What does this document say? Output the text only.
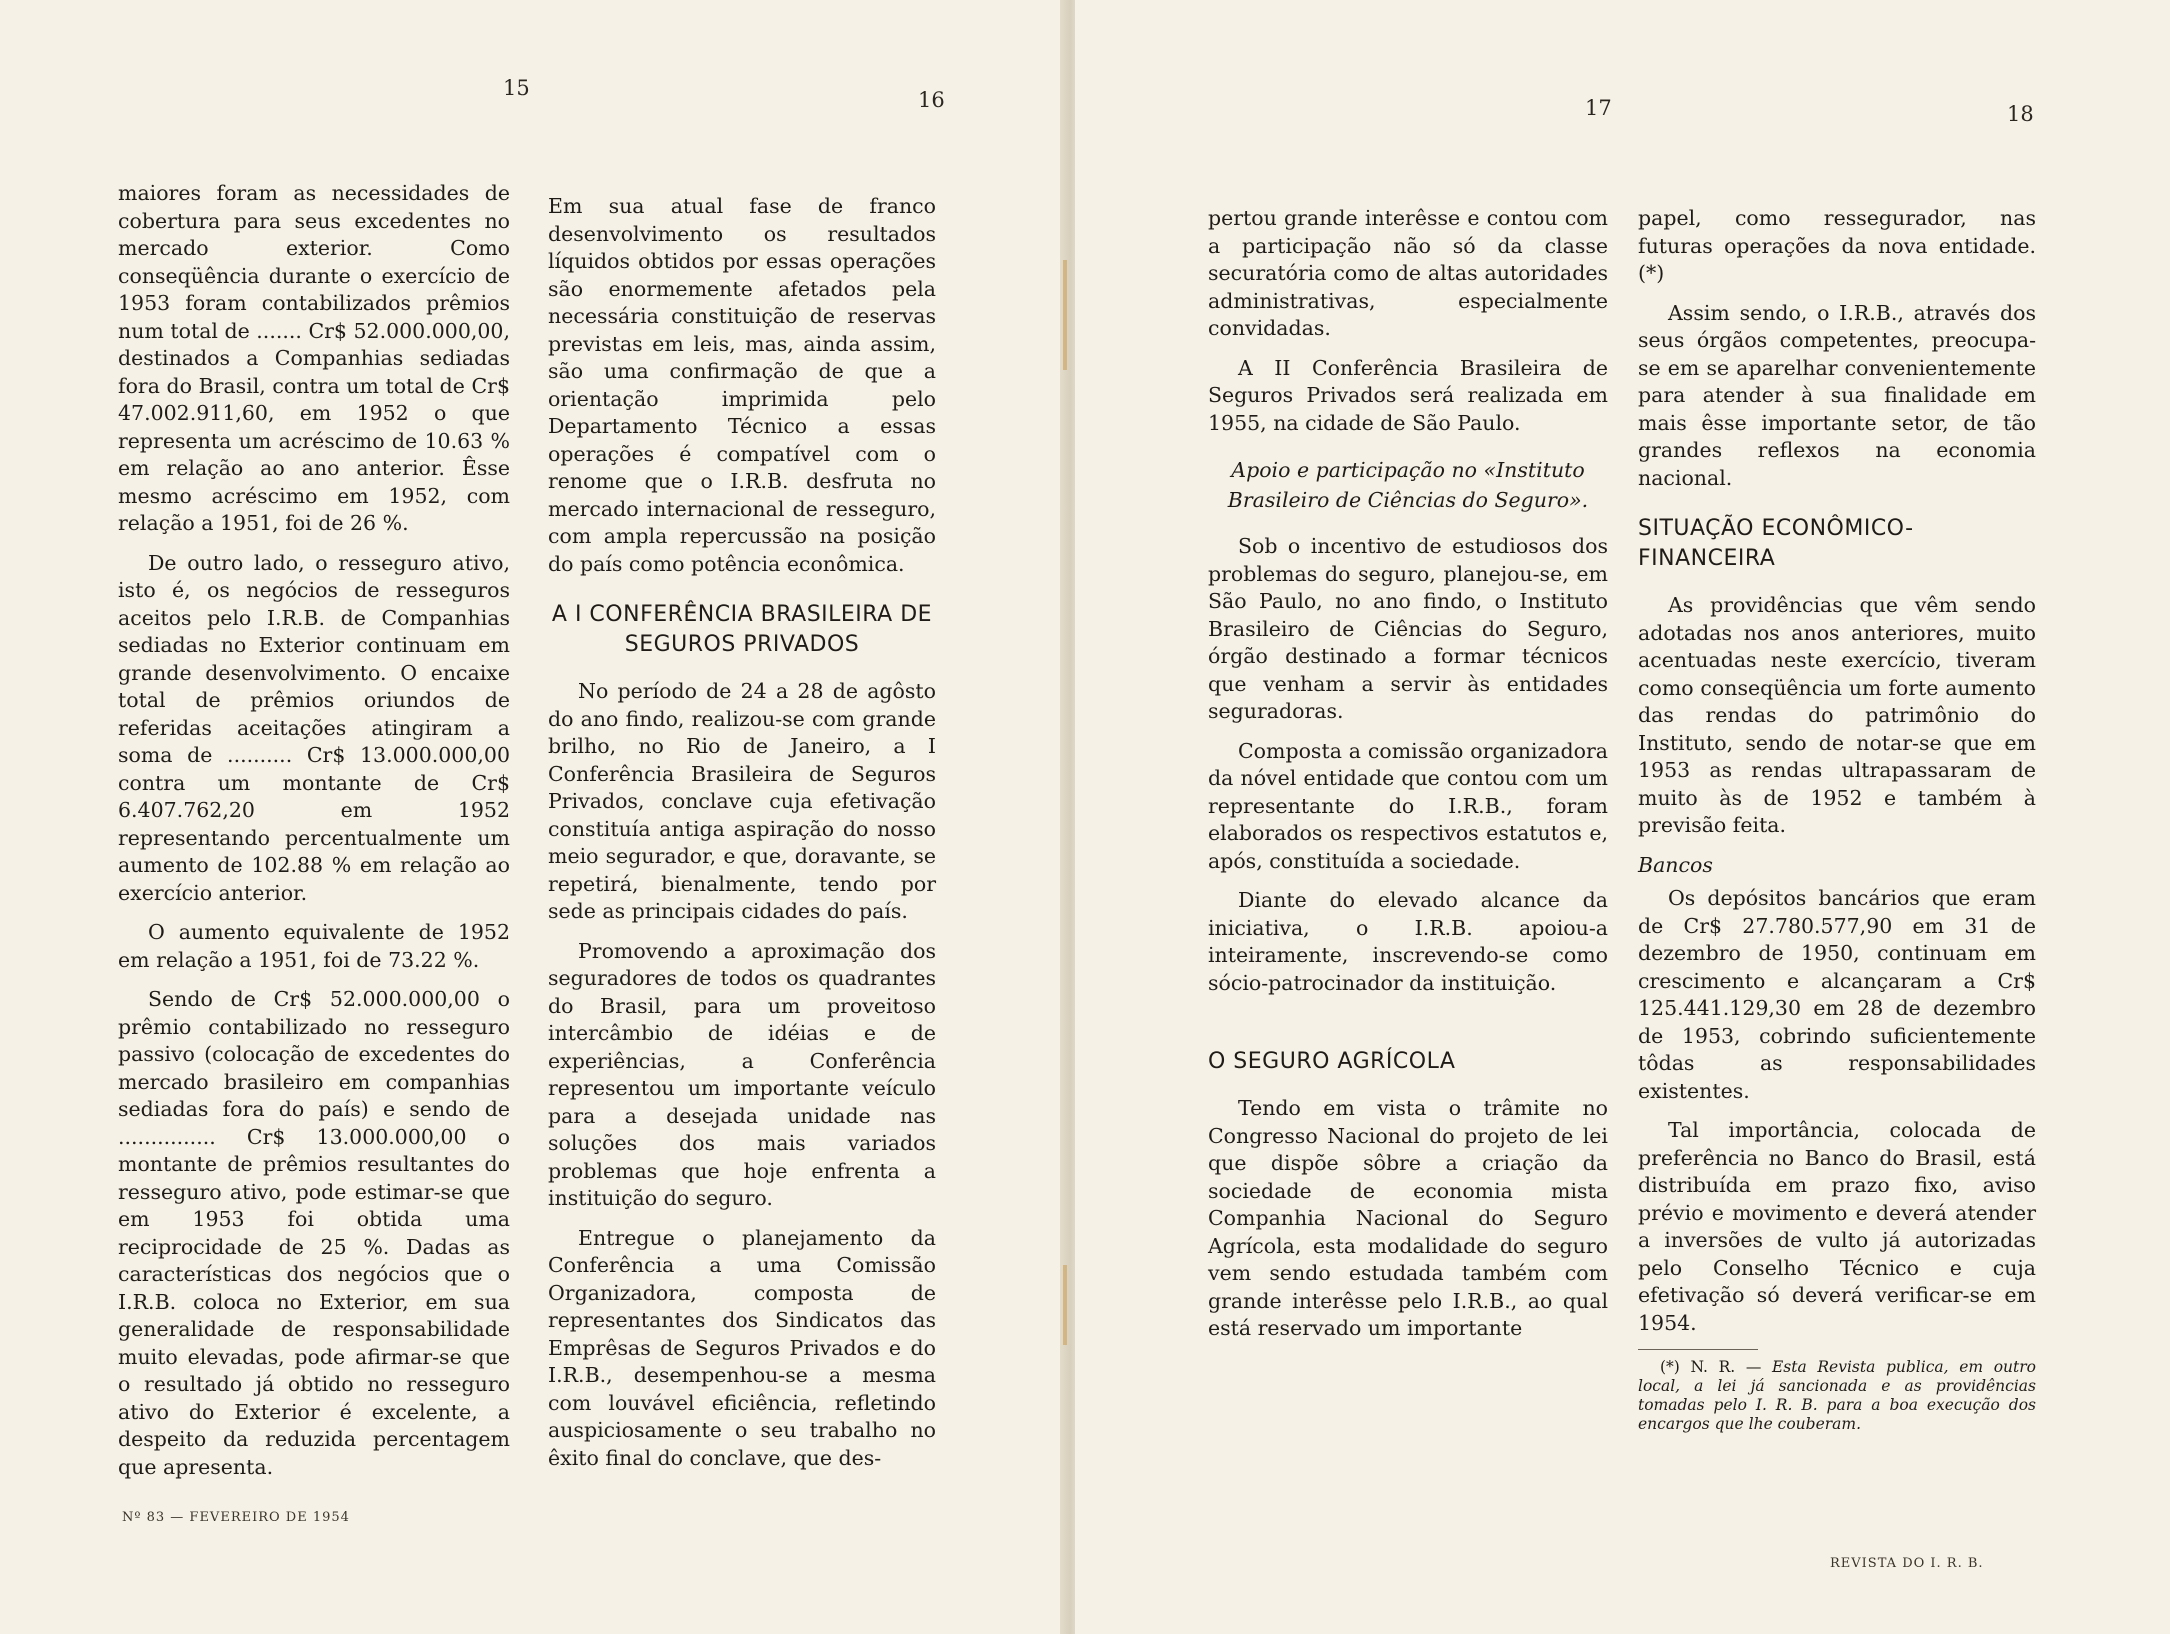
15	16

maiores foram as necessidades de cobertura para seus excedentes no mercado exterior. Como conseqüência durante o exercício de 1953 foram contabilizados prêmios num total de ....... Cr$ 52.000.000,00, destinados a Companhias sediadas fora do Brasil, contra um total de Cr$ 47.002.911,60, em 1952 o que representa um acréscimo de 10.63 % em relação ao ano anterior. Êsse mesmo acréscimo em 1952, com relação a 1951, foi de 26 %.

De outro lado, o resseguro ativo, isto é, os negócios de resseguros aceitos pelo I.R.B. de Companhias sediadas no Exterior continuam em grande desenvolvimento. O encaixe total de prêmios oriundos de referidas aceitações atingiram a soma de .......... Cr$ 13.000.000,00 contra um montante de Cr$ 6.407.762,20 em 1952 representando percentualmente um aumento de 102.88 % em relação ao exercício anterior.

O aumento equivalente de 1952 em relação a 1951, foi de 73.22 %.

Sendo de Cr$ 52.000.000,00 o prêmio contabilizado no resseguro passivo (colocação de excedentes do mercado brasileiro em companhias sediadas fora do país) e sendo de ............... Cr$ 13.000.000,00 o montante de prêmios resultantes do resseguro ativo, pode estimar-se que em 1953 foi obtida uma reciprocidade de 25 %. Dadas as características dos negócios que o I.R.B. coloca no Exterior, em sua generalidade de responsabilidade muito elevadas, pode afirmar-se que o resultado já obtido no resseguro ativo do Exterior é excelente, a despeito da reduzida percentagem que apresenta.

Em sua atual fase de franco desenvolvimento os resultados líquidos obtidos por essas operações são enormemente afetados pela necessária constituição de reservas previstas em leis, mas, ainda assim, são uma confirmação de que a orientação imprimida pelo Departamento Técnico a essas operações é compatível com o renome que o I.R.B. desfruta no mercado internacional de resseguro, com ampla repercussão na posição do país como potência econômica.

A I CONFERÊNCIA BRASILEIRA DE SEGUROS PRIVADOS

No período de 24 a 28 de agôsto do ano findo, realizou-se com grande brilho, no Rio de Janeiro, a I Conferência Brasileira de Seguros Privados, conclave cuja efetivação constituía antiga aspiração do nosso meio segurador, e que, doravante, se repetirá, bienalmente, tendo por sede as principais cidades do país.

Promovendo a aproximação dos seguradores de todos os quadrantes do Brasil, para um proveitoso intercâmbio de idéias e de experiências, a Conferência representou um importante veículo para a desejada unidade nas soluções dos mais variados problemas que hoje enfrenta a instituição do seguro.

Entregue o planejamento da Conferência a uma Comissão Organizadora, composta de representantes dos Sindicatos das Emprêsas de Seguros Privados e do I.R.B., desempenhou-se a mesma com louvável eficiência, refletindo auspiciosamente o seu trabalho no êxito final do conclave, que des-

Nº 83 — FEVEREIRO DE 1954
17	18

pertou grande interêsse e contou com a participação não só da classe securatória como de altas autoridades administrativas, especialmente convidadas.

A II Conferência Brasileira de Seguros Privados será realizada em 1955, na cidade de São Paulo.

Apoio e participação no «Instituto Brasileiro de Ciências do Seguro».

Sob o incentivo de estudiosos dos problemas do seguro, planejou-se, em São Paulo, no ano findo, o Instituto Brasileiro de Ciências do Seguro, órgão destinado a formar técnicos que venham a servir às entidades seguradoras.

Composta a comissão organizadora da nóvel entidade que contou com um representante do I.R.B., foram elaborados os respectivos estatutos e, após, constituída a sociedade.

Diante do elevado alcance da iniciativa, o I.R.B. apoiou-a inteiramente, inscrevendo-se como sócio-patrocinador da instituição.

O SEGURO AGRÍCOLA

Tendo em vista o trâmite no Congresso Nacional do projeto de lei que dispõe sôbre a criação da sociedade de economia mista Companhia Nacional do Seguro Agrícola, esta modalidade do seguro vem sendo estudada também com grande interêsse pelo I.R.B., ao qual está reservado um importante

papel, como ressegurador, nas futuras operações da nova entidade. (*)

Assim sendo, o I.R.B., através dos seus órgãos competentes, preocupa-se em se aparelhar convenientemente para atender à sua finalidade em mais êsse importante setor, de tão grandes reflexos na economia nacional.

SITUAÇÃO ECONÔMICO-FINANCEIRA

As providências que vêm sendo adotadas nos anos anteriores, muito acentuadas neste exercício, tiveram como conseqüência um forte aumento das rendas do patrimônio do Instituto, sendo de notar-se que em 1953 as rendas ultrapassaram de muito às de 1952 e também à previsão feita.

Bancos

Os depósitos bancários que eram de Cr$ 27.780.577,90 em 31 de dezembro de 1950, continuam em crescimento e alcançaram a Cr$ 125.441.129,30 em 28 de dezembro de 1953, cobrindo suficientemente tôdas as responsabilidades existentes.

Tal importância, colocada de preferência no Banco do Brasil, está distribuída em prazo fixo, aviso prévio e movimento e deverá atender a inversões de vulto já autorizadas pelo Conselho Técnico e cuja efetivação só deverá verificar-se em 1954.

(*) N. R. — Esta Revista publica, em outro local, a lei já sancionada e as providências tomadas pelo I. R. B. para a boa execução dos encargos que lhe couberam.
REVISTA DO I. R. B.
